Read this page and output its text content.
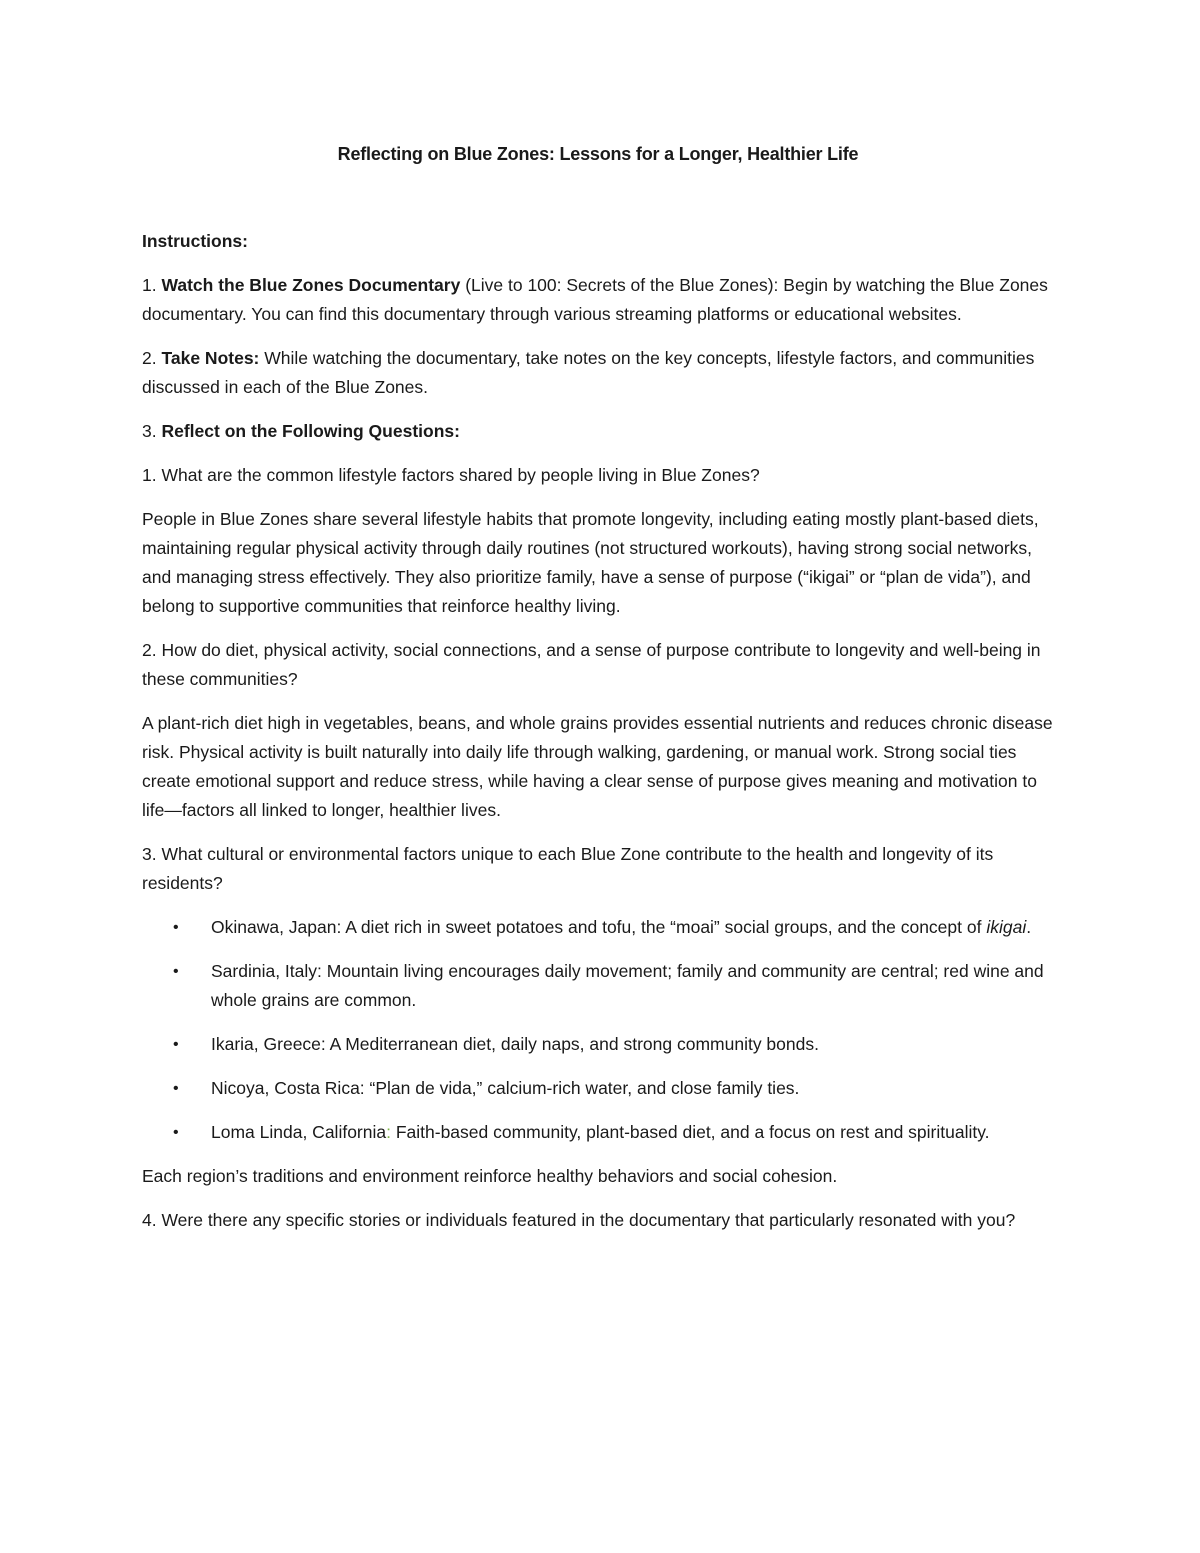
Reflecting on Blue Zones: Lessons for a Longer, Healthier Life

Instructions:

1. Watch the Blue Zones Documentary (Live to 100: Secrets of the Blue Zones): Begin by watching the Blue Zones documentary. You can find this documentary through various streaming platforms or educational websites.

2. Take Notes: While watching the documentary, take notes on the key concepts, lifestyle factors, and communities discussed in each of the Blue Zones.

3. Reflect on the Following Questions:

1. What are the common lifestyle factors shared by people living in Blue Zones?

People in Blue Zones share several lifestyle habits that promote longevity, including eating mostly plant-based diets, maintaining regular physical activity through daily routines (not structured workouts), having strong social networks, and managing stress effectively. They also prioritize family, have a sense of purpose (“ikigai” or “plan de vida”), and belong to supportive communities that reinforce healthy living.

2. How do diet, physical activity, social connections, and a sense of purpose contribute to longevity and well-being in these communities?

A plant-rich diet high in vegetables, beans, and whole grains provides essential nutrients and reduces chronic disease risk. Physical activity is built naturally into daily life through walking, gardening, or manual work. Strong social ties create emotional support and reduce stress, while having a clear sense of purpose gives meaning and motivation to life—factors all linked to longer, healthier lives.

3. What cultural or environmental factors unique to each Blue Zone contribute to the health and longevity of its residents?

• Okinawa, Japan: A diet rich in sweet potatoes and tofu, the “moai” social groups, and the concept of ikigai.
• Sardinia, Italy: Mountain living encourages daily movement; family and community are central; red wine and whole grains are common.
• Ikaria, Greece: A Mediterranean diet, daily naps, and strong community bonds.
• Nicoya, Costa Rica: “Plan de vida,” calcium-rich water, and close family ties.
• Loma Linda, California: Faith-based community, plant-based diet, and a focus on rest and spirituality.

Each region’s traditions and environment reinforce healthy behaviors and social cohesion.

4. Were there any specific stories or individuals featured in the documentary that particularly resonated with you?
